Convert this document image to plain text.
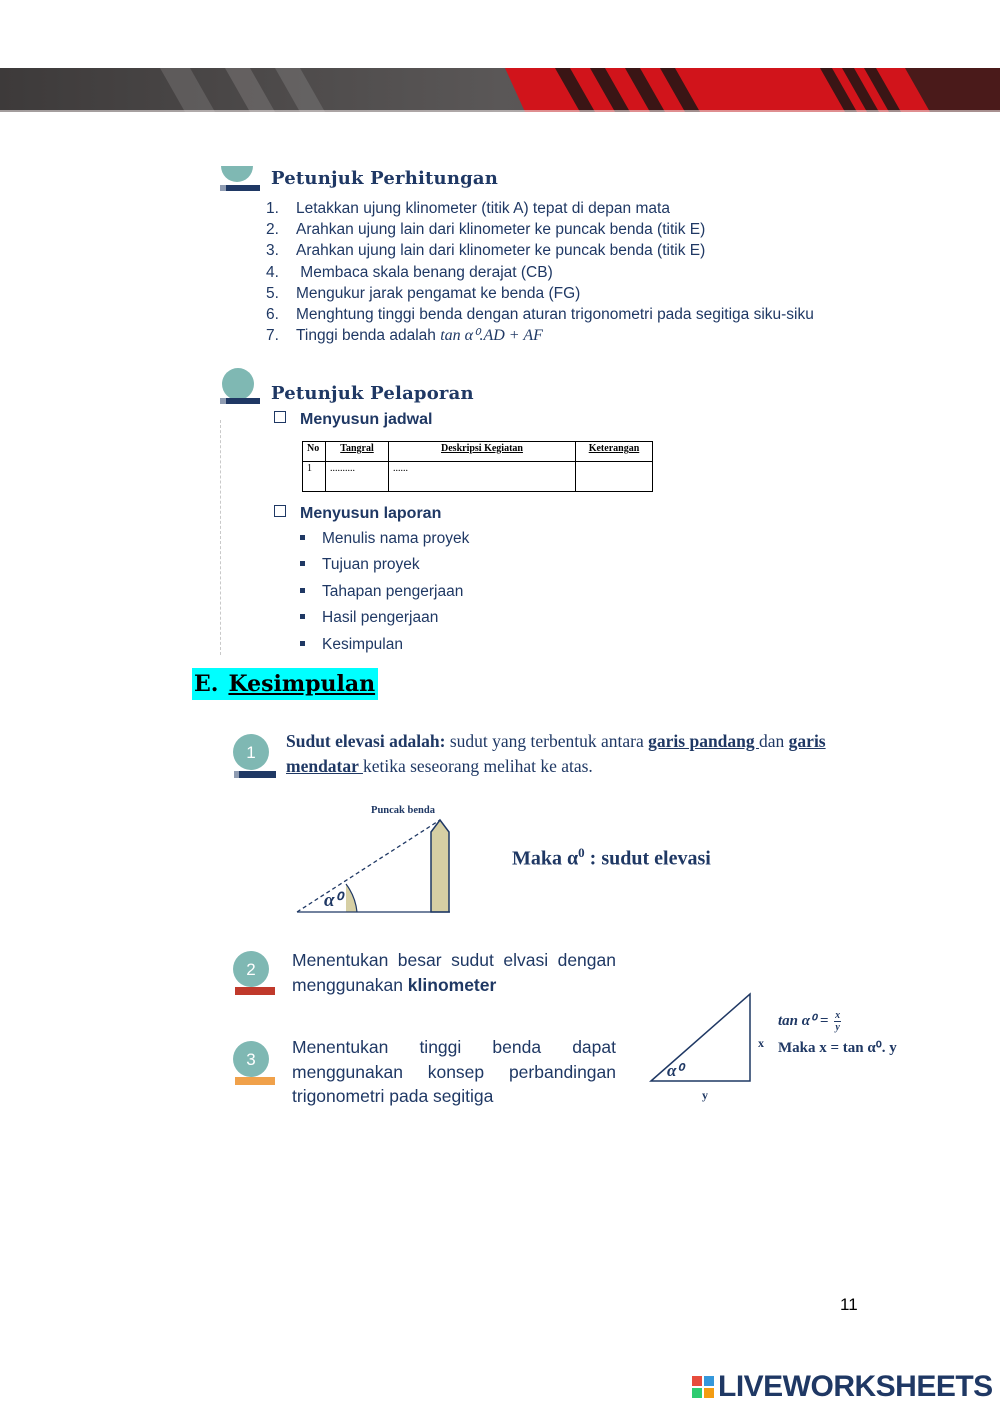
Petunjuk Perhitungan
1. Letakkan ujung klinometer (titik A) tepat di depan mata
2. Arahkan ujung lain dari klinometer ke puncak benda (titik E)
3. Arahkan ujung lain dari klinometer ke puncak benda (titik E)
4. Membaca skala benang derajat (CB)
5. Mengukur jarak pengamat ke benda (FG)
6. Menghtung tinggi benda dengan aturan trigonometri pada segitiga siku-siku
7. Tinggi benda adalah tan α⁰.AD + AF
Petunjuk Pelaporan
Menyusun jadwal
No	Tangral	Deskripsi Kegiatan	Keterangan
1	..........	......	
Menyusun laporan
Menulis nama proyek
Tujuan proyek
Tahapan pengerjaan
Hasil pengerjaan
Kesimpulan
E. Kesimpulan
1
Sudut elevasi adalah: sudut yang terbentuk antara garis pandang dan garis
mendatar ketika seseorang melihat ke atas.
Puncak benda
α⁰
Maka $\alpha^0$ : sudut elevasi
2 Menentukan besar sudut elvasi dengan menggunakan klinometer
3
Menentukan tinggi benda dapat menggunakan konsep perbandingan trigonometri pada segitiga
α⁰
x
y
$\tan \alpha^0 = \frac{x}{y}$
Maka x = tan α⁰. y
11
LIVEWORKSHEETS
